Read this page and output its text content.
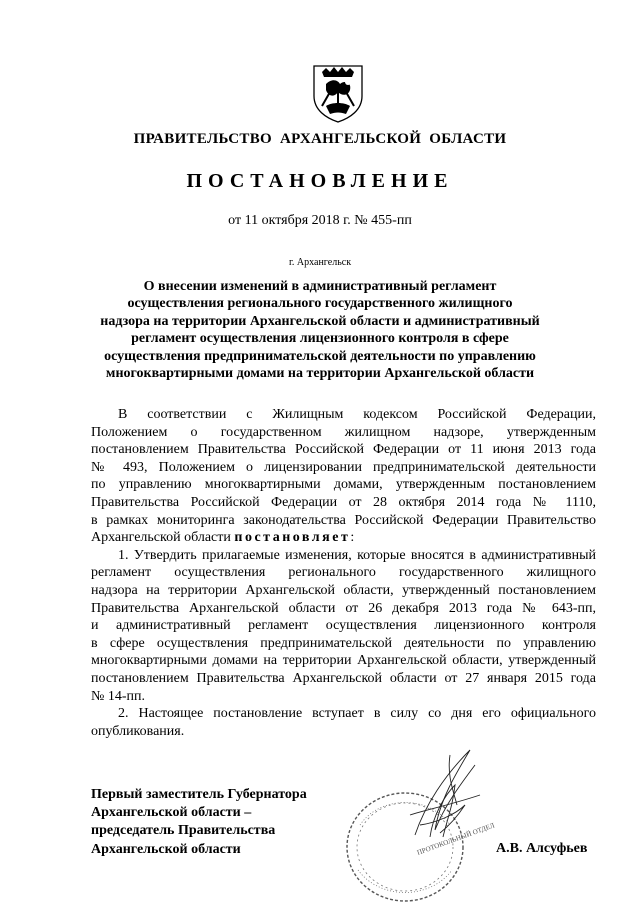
ПРАВИТЕЛЬСТВО АРХАНГЕЛЬСКОЙ ОБЛАСТИ
ПОСТАНОВЛЕНИЕ
от 11 октября 2018 г. № 455-пп
г. Архангельск
О внесении изменений в административный регламент
осуществления регионального государственного жилищного
надзора на территории Архангельской области и административный
регламент осуществления лицензионного контроля в сфере
осуществления предпринимательской деятельности по управлению
многоквартирными домами на территории Архангельской области
В соответствии с Жилищным кодексом Российской Федерации,
Положением о государственном жилищном надзоре, утвержденным
постановлением Правительства Российской Федерации от 11 июня 2013 года
№ 493, Положением о лицензировании предпринимательской деятельности
по управлению многоквартирными домами, утвержденным постановлением
Правительства Российской Федерации от 28 октября 2014 года № 1110,
в рамках мониторинга законодательства Российской Федерации Правительство
Архангельской области постановляет:
1. Утвердить прилагаемые изменения, которые вносятся в административный
регламент осуществления регионального государственного жилищного
надзора на территории Архангельской области, утвержденный постановлением
Правительства Архангельской области от 26 декабря 2013 года № 643-пп,
и административный регламент осуществления лицензионного контроля
в сфере осуществления предпринимательской деятельности по управлению
многоквартирными домами на территории Архангельской области, утвержденный
постановлением Правительства Архангельской области от 27 января 2015 года
№ 14-пп.
2. Настоящее постановление вступает в силу со дня его официального
опубликования.
ПРОТОКОЛЬНЫЙ ОТДЕЛ
Первый заместитель Губернатора
Архангельской области –
председатель Правительства
Архангельской области	А.В. Алсуфьев
